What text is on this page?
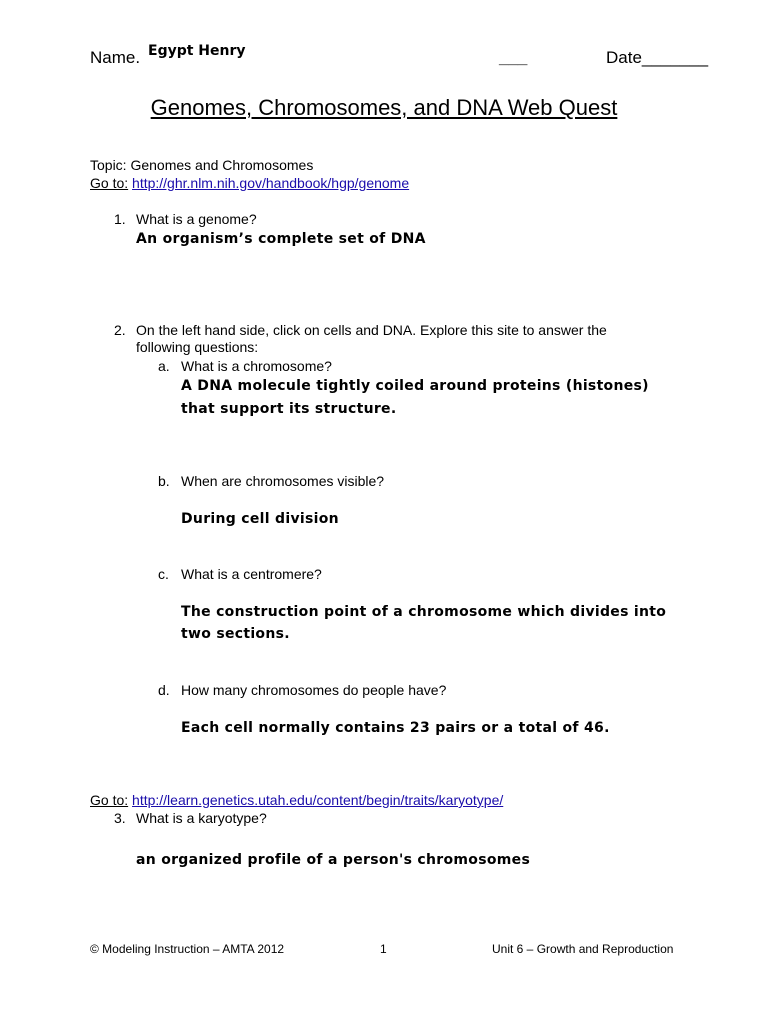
Name. Egypt Henry	___	Date_______
Genomes, Chromosomes, and DNA Web Quest
Topic: Genomes and Chromosomes
Go to: http://ghr.nlm.nih.gov/handbook/hgp/genome
1. What is a genome?
An organism’s complete set of DNA
2. On the left hand side, click on cells and DNA. Explore this site to answer the
following questions:
a. What is a chromosome?
A DNA molecule tightly coiled around proteins (histones)
that support its structure.
b. When are chromosomes visible?
During cell division
c. What is a centromere?
The construction point of a chromosome which divides into
two sections.
d. How many chromosomes do people have?
Each cell normally contains 23 pairs or a total of 46.
Go to: http://learn.genetics.utah.edu/content/begin/traits/karyotype/
3. What is a karyotype?
an organized profile of a person's chromosomes
© Modeling Instruction – AMTA 2012	1	Unit 6 – Growth and Reproduction
